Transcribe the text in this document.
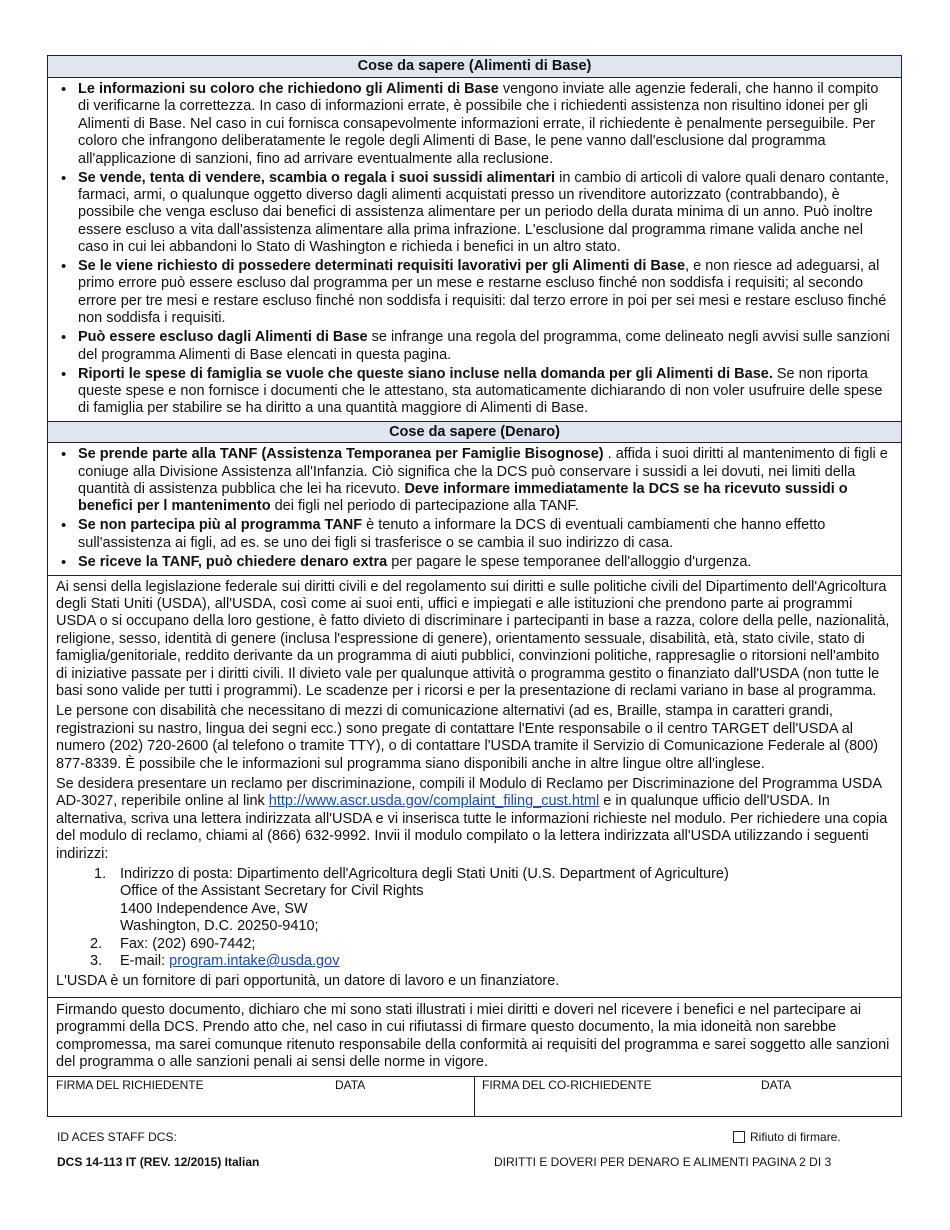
Cose da sapere (Alimenti di Base)
• Le informazioni su coloro che richiedono gli Alimenti di Base vengono inviate alle agenzie federali, che hanno il compito di verificarne la correttezza. In caso di informazioni errate, è possibile che i richiedenti assistenza non risultino idonei per gli Alimenti di Base. Nel caso in cui fornisca consapevolmente informazioni errate, il richiedente è penalmente perseguibile. Per coloro che infrangono deliberatamente le regole degli Alimenti di Base, le pene vanno dall'esclusione dal programma all'applicazione di sanzioni, fino ad arrivare eventualmente alla reclusione.
• Se vende, tenta di vendere, scambia o regala i suoi sussidi alimentari in cambio di articoli di valore quali denaro contante, farmaci, armi, o qualunque oggetto diverso dagli alimenti acquistati presso un rivenditore autorizzato (contrabbando), è possibile che venga escluso dai benefici di assistenza alimentare per un periodo della durata minima di un anno. Può inoltre essere escluso a vita dall'assistenza alimentare alla prima infrazione. L'esclusione dal programma rimane valida anche nel caso in cui lei abbandoni lo Stato di Washington e richieda i benefici in un altro stato.
• Se le viene richiesto di possedere determinati requisiti lavorativi per gli Alimenti di Base, e non riesce ad adeguarsi, al primo errore può essere escluso dal programma per un mese e restarne escluso finché non soddisfa i requisiti; al secondo errore per tre mesi e restare escluso finché non soddisfa i requisiti: dal terzo errore in poi per sei mesi e restare escluso finché non soddisfa i requisiti.
• Può essere escluso dagli Alimenti di Base se infrange una regola del programma, come delineato negli avvisi sulle sanzioni del programma Alimenti di Base elencati in questa pagina.
• Riporti le spese di famiglia se vuole che queste siano incluse nella domanda per gli Alimenti di Base. Se non riporta queste spese e non fornisce i documenti che le attestano, sta automaticamente dichiarando di non voler usufruire delle spese di famiglia per stabilire se ha diritto a una quantità maggiore di Alimenti di Base.
Cose da sapere (Denaro)
• Se prende parte alla TANF (Assistenza Temporanea per Famiglie Bisognose) . affida i suoi diritti al mantenimento di figli e coniuge alla Divisione Assistenza all'Infanzia. Ciò significa che la DCS può conservare i sussidi a lei dovuti, nei limiti della quantità di assistenza pubblica che lei ha ricevuto. Deve informare immediatamente la DCS se ha ricevuto sussidi o benefici per l mantenimento dei figli nel periodo di partecipazione alla TANF.
• Se non partecipa più al programma TANF è tenuto a informare la DCS di eventuali cambiamenti che hanno effetto sull'assistenza ai figli, ad es. se uno dei figli si trasferisce o se cambia il suo indirizzo di casa.
• Se riceve la TANF, può chiedere denaro extra per pagare le spese temporanee dell'alloggio d'urgenza.

Ai sensi della legislazione federale sui diritti civili e del regolamento sui diritti e sulle politiche civili del Dipartimento dell'Agricoltura degli Stati Uniti (USDA), all'USDA, così come ai suoi enti, uffici e impiegati e alle istituzioni che prendono parte ai programmi USDA o si occupano della loro gestione, è fatto divieto di discriminare i partecipanti in base a razza, colore della pelle, nazionalità, religione, sesso, identità di genere (inclusa l'espressione di genere), orientamento sessuale, disabilità, età, stato civile, stato di famiglia/genitoriale, reddito derivante da un programma di aiuti pubblici, convinzioni politiche, rappresaglie o ritorsioni nell'ambito di iniziative passate per i diritti civili. Il divieto vale per qualunque attività o programma gestito o finanziato dall'USDA (non tutte le basi sono valide per tutti i programmi). Le scadenze per i ricorsi e per la presentazione di reclami variano in base al programma.

Le persone con disabilità che necessitano di mezzi di comunicazione alternativi (ad es, Braille, stampa in caratteri grandi, registrazioni su nastro, lingua dei segni ecc.) sono pregate di contattare l'Ente responsabile o il centro TARGET dell'USDA al numero (202) 720-2600 (al telefono o tramite TTY), o di contattare l'USDA tramite il Servizio di Comunicazione Federale al (800) 877-8339. È possibile che le informazioni sul programma siano disponibili anche in altre lingue oltre all'inglese.

Se desidera presentare un reclamo per discriminazione, compili il Modulo di Reclamo per Discriminazione del Programma USDA AD-3027, reperibile online al link http://www.ascr.usda.gov/complaint_filing_cust.html e in qualunque ufficio dell'USDA. In alternativa, scriva una lettera indirizzata all'USDA e vi inserisca tutte le informazioni richieste nel modulo. Per richiedere una copia del modulo di reclamo, chiami al (866) 632-9992. Invii il modulo compilato o la lettera indirizzata all'USDA utilizzando i seguenti indirizzi:

1. Indirizzo di posta: Dipartimento dell'Agricoltura degli Stati Uniti (U.S. Department of Agriculture)
Office of the Assistant Secretary for Civil Rights
1400 Independence Ave, SW
Washington, D.C. 20250-9410;
2. Fax: (202) 690-7442;
3. E-mail: program.intake@usda.gov

L'USDA è un fornitore di pari opportunità, un datore di lavoro e un finanziatore.

Firmando questo documento, dichiaro che mi sono stati illustrati i miei diritti e doveri nel ricevere i benefici e nel partecipare ai programmi della DCS. Prendo atto che, nel caso in cui rifiutassi di firmare questo documento, la mia idoneità non sarebbe compromessa, ma sarei comunque ritenuto responsabile della conformità ai requisiti del programma e sarei soggetto alle sanzioni del programma o alle sanzioni penali ai sensi delle norme in vigore.
FIRMA DEL RICHIEDENTE	DATA	FIRMA DEL CO-RICHIEDENTE	DATA
ID ACES STAFF DCS:	Rifiuto di firmare.
DCS 14-113 IT (REV. 12/2015) Italian	DIRITTI E DOVERI PER DENARO E ALIMENTI PAGINA 2 DI 3
